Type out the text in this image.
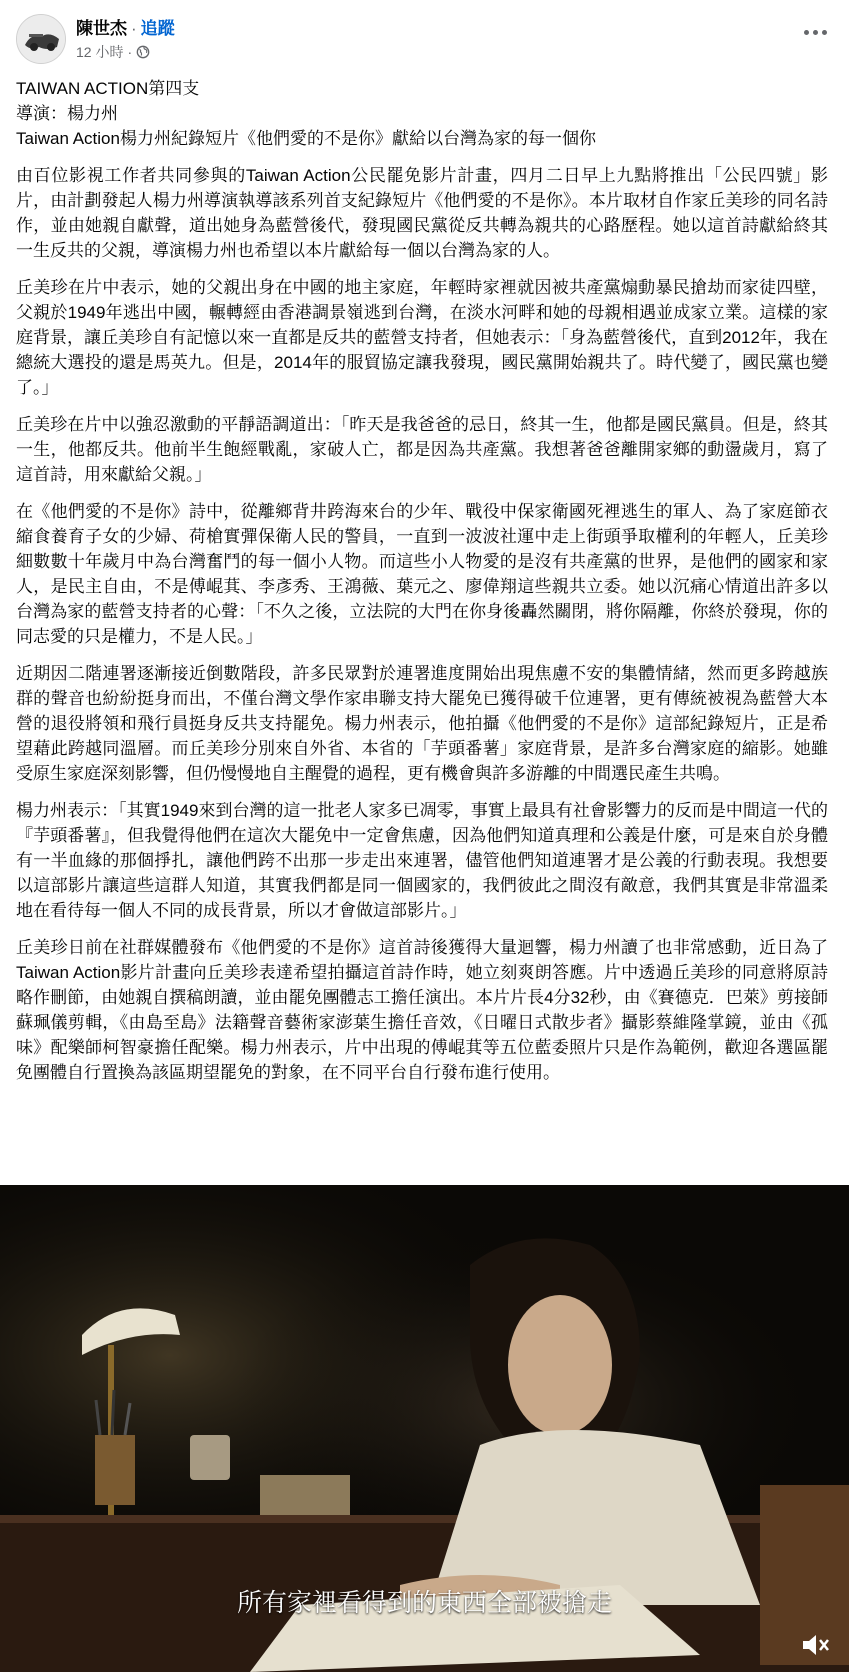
陳世杰 · 追蹤
12 小時 ·

TAIWAN ACTION第四支

導演：楊力州

Taiwan Action楊力州紀錄短片《他們愛的不是你》獻給以台灣為家的每一個你

由百位影視工作者共同參與的Taiwan Action公民罷免影片計畫，四月二日早上九點將推出「公民四號」影片，由計劃發起人楊力州導演執導該系列首支紀錄短片《他們愛的不是你》。本片取材自作家丘美珍的同名詩作，並由她親自獻聲，道出她身為藍營後代，發現國民黨從反共轉為親共的心路歷程。她以這首詩獻給終其一生反共的父親，導演楊力州也希望以本片獻給每一個以台灣為家的人。

丘美珍在片中表示，她的父親出身在中國的地主家庭，年輕時家裡就因被共產黨煽動暴民搶劫而家徒四壁，父親於1949年逃出中國，輾轉經由香港調景嶺逃到台灣，在淡水河畔和她的母親相遇並成家立業。這樣的家庭背景，讓丘美珍自有記憶以來一直都是反共的藍營支持者，但她表示：「身為藍營後代，直到2012年，我在總統大選投的還是馬英九。但是，2014年的服貿協定讓我發現，國民黨開始親共了。時代變了，國民黨也變了。」

丘美珍在片中以強忍激動的平靜語調道出：「昨天是我爸爸的忌日，終其一生，他都是國民黨員。但是，終其一生，他都反共。他前半生飽經戰亂，家破人亡，都是因為共產黨。我想著爸爸離開家鄉的動盪歲月，寫了這首詩，用來獻給父親。」

在《他們愛的不是你》詩中，從離鄉背井跨海來台的少年、戰役中保家衛國死裡逃生的軍人、為了家庭節衣縮食養育子女的少婦、荷槍實彈保衛人民的警員，一直到一波波社運中走上街頭爭取權利的年輕人，丘美珍細數數十年歲月中為台灣奮鬥的每一個小人物。而這些小人物愛的是沒有共產黨的世界，是他們的國家和家人，是民主自由，不是傅崐萁、李彥秀、王鴻薇、葉元之、廖偉翔這些親共立委。她以沉痛心情道出許多以台灣為家的藍營支持者的心聲：「不久之後，立法院的大門在你身後轟然關閉，將你隔離，你終於發現，你的同志愛的只是權力，不是人民。」

近期因二階連署逐漸接近倒數階段，許多民眾對於連署進度開始出現焦慮不安的集體情緒，然而更多跨越族群的聲音也紛紛挺身而出，不僅台灣文學作家串聯支持大罷免已獲得破千位連署，更有傳統被視為藍營大本營的退役將領和飛行員挺身反共支持罷免。楊力州表示，他拍攝《他們愛的不是你》這部紀錄短片，正是希望藉此跨越同溫層。而丘美珍分別來自外省、本省的「芋頭番薯」家庭背景，是許多台灣家庭的縮影。她雖受原生家庭深刻影響，但仍慢慢地自主醒覺的過程，更有機會與許多游離的中間選民產生共鳴。

楊力州表示：「其實1949來到台灣的這一批老人家多已凋零，事實上最具有社會影響力的反而是中間這一代的『芋頭番薯』，但我覺得他們在這次大罷免中一定會焦慮，因為他們知道真理和公義是什麼，可是來自於身體有一半血緣的那個掙扎，讓他們跨不出那一步走出來連署，儘管他們知道連署才是公義的行動表現。我想要以這部影片讓這些這群人知道，其實我們都是同一個國家的，我們彼此之間沒有敵意，我們其實是非常溫柔地在看待每一個人不同的成長背景，所以才會做這部影片。」

丘美珍日前在社群媒體發布《他們愛的不是你》這首詩後獲得大量迴響，楊力州讀了也非常感動，近日為了Taiwan Action影片計畫向丘美珍表達希望拍攝這首詩作時，她立刻爽朗答應。片中透過丘美珍的同意將原詩略作刪節，由她親自撰稿朗讀，並由罷免團體志工擔任演出。本片片長4分32秒，由《賽德克．巴萊》剪接師蘇珮儀剪輯，《由島至島》法籍聲音藝術家澎葉生擔任音效，《日曜日式散步者》攝影蔡維隆掌鏡，並由《孤味》配樂師柯智豪擔任配樂。楊力州表示，片中出現的傅崐萁等五位藍委照片只是作為範例，歡迎各選區罷免團體自行置換為該區期望罷免的對象，在不同平台自行發布進行使用。

所有家裡看得到的東西全部被搶走
